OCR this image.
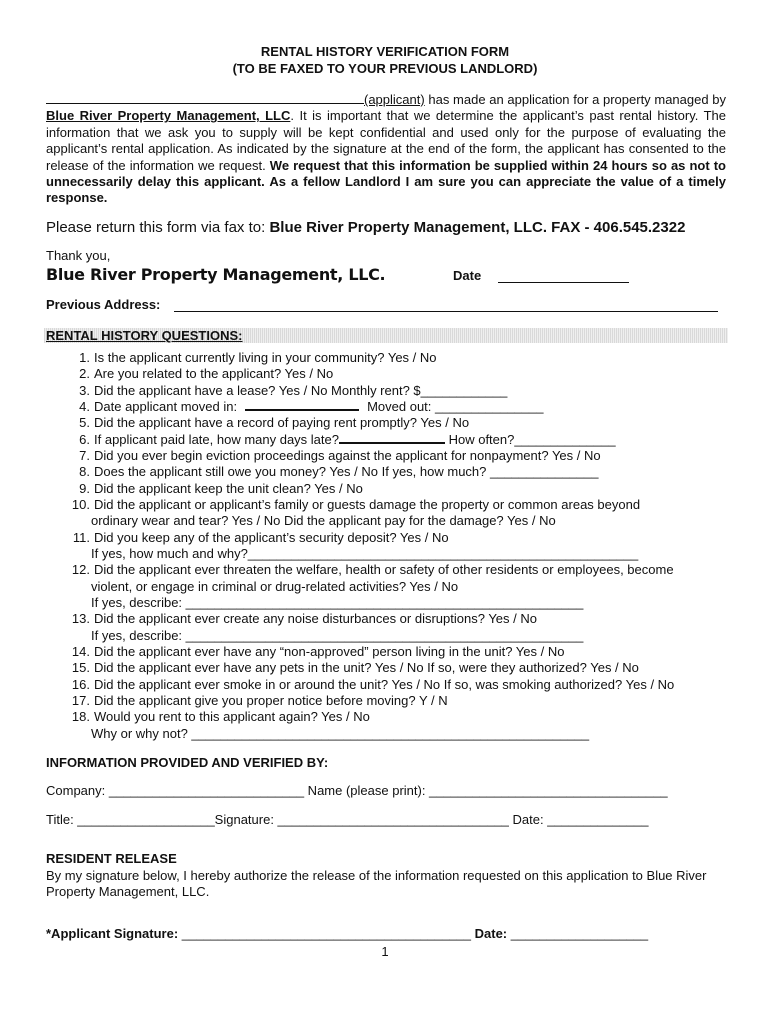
RENTAL HISTORY VERIFICATION FORM
(TO BE FAXED TO YOUR PREVIOUS LANDLORD)
(applicant) has made an application for a property managed by Blue River Property Management, LLC. It is important that we determine the applicant’s past rental history. The information that we ask you to supply will be kept confidential and used only for the purpose of evaluating the applicant’s rental application. As indicated by the signature at the end of the form, the applicant has consented to the release of the information we request. We request that this information be supplied within 24 hours so as not to unnecessarily delay this applicant. As a fellow Landlord I am sure you can appreciate the value of a timely response.
Please return this form via fax to: Blue River Property Management, LLC. FAX - 406.545.2322
Thank you,
Blue River Property Management, LLC.	Date
Previous Address:
RENTAL HISTORY QUESTIONS:
1. Is the applicant currently living in your community? Yes / No
2. Are you related to the applicant? Yes / No
3. Did the applicant have a lease? Yes / No Monthly rent? $____________
4. Date applicant moved in:	Moved out: _______________
5. Did the applicant have a record of paying rent promptly? Yes / No
6. If applicant paid late, how many days late?	How often?______________
7. Did you ever begin eviction proceedings against the applicant for nonpayment? Yes / No
8. Does the applicant still owe you money? Yes / No If yes, how much? _______________
9. Did the applicant keep the unit clean? Yes / No
10. Did the applicant or applicant’s family or guests damage the property or common areas beyond
ordinary wear and tear? Yes / No Did the applicant pay for the damage? Yes / No
11. Did you keep any of the applicant’s security deposit? Yes / No
If yes, how much and why?______________________________________________________
12. Did the applicant ever threaten the welfare, health or safety of other residents or employees, become
violent, or engage in criminal or drug-related activities? Yes / No
If yes, describe: _______________________________________________________
13. Did the applicant ever create any noise disturbances or disruptions? Yes / No
If yes, describe: _______________________________________________________
14. Did the applicant ever have any “non-approved” person living in the unit? Yes / No
15. Did the applicant ever have any pets in the unit? Yes / No If so, were they authorized? Yes / No
16. Did the applicant ever smoke in or around the unit? Yes / No If so, was smoking authorized? Yes / No
17. Did the applicant give you proper notice before moving? Y / N
18. Would you rent to this applicant again? Yes / No
Why or why not? _______________________________________________________
INFORMATION PROVIDED AND VERIFIED BY:
Company: ___________________________ Name (please print): _________________________________
Title: ___________________Signature: ________________________________ Date: ______________
RESIDENT RELEASE
By my signature below, I hereby authorize the release of the information requested on this application to Blue River Property Management, LLC.
*Applicant Signature: ________________________________________ Date: ___________________
1
